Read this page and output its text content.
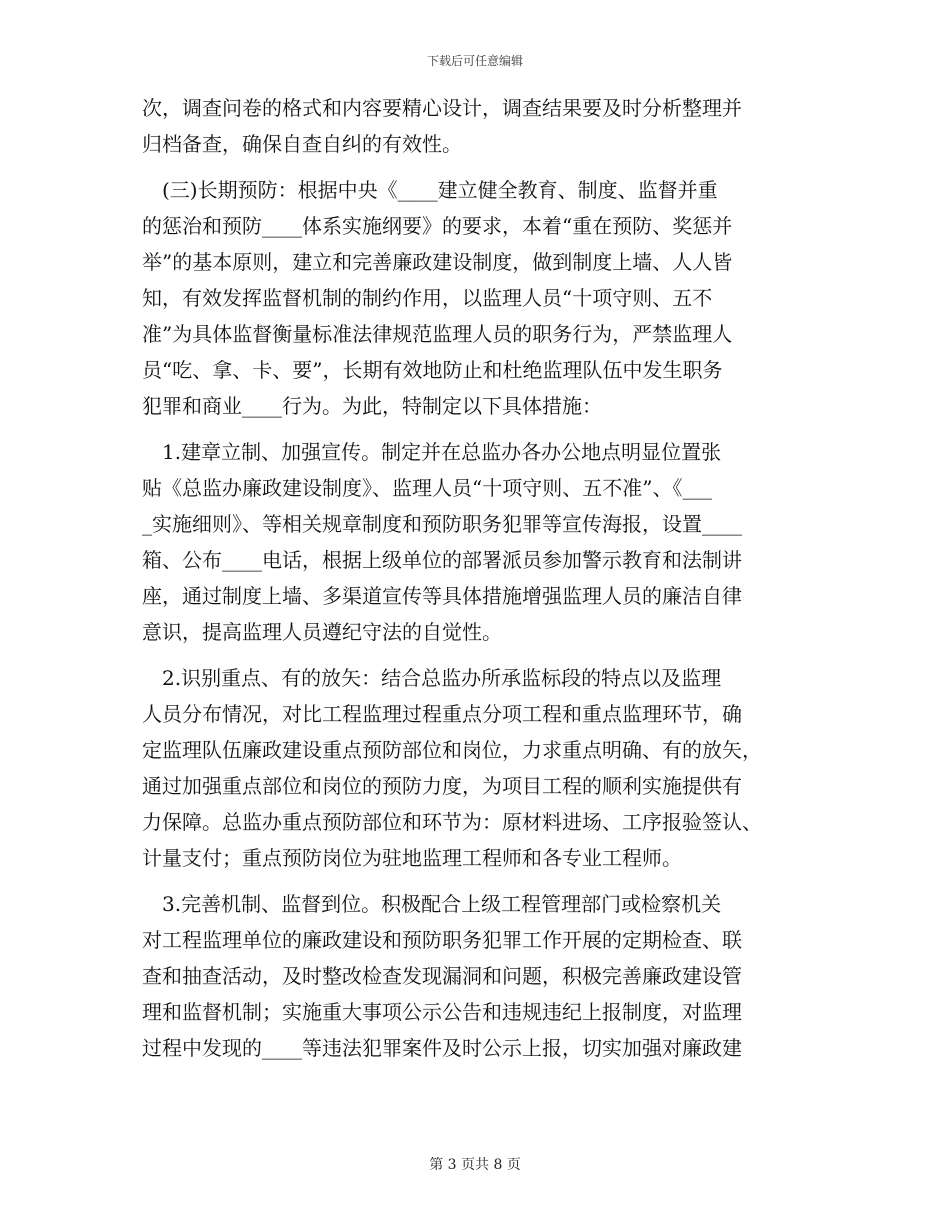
下载后可任意编辑
次，调查问卷的格式和内容要精心设计，调查结果要及时分析整理并
归档备查，确保自查自纠的有效性。
　(三)长期预防：根据中央《____建立健全教育、制度、监督并重
的惩治和预防____体系实施纲要》的要求，本着“重在预防、奖惩并
举”的基本原则，建立和完善廉政建设制度，做到制度上墙、人人皆
知，有效发挥监督机制的制约作用，以监理人员“十项守则、五不
准”为具体监督衡量标准法律规范监理人员的职务行为，严禁监理人
员“吃、拿、卡、要”，长期有效地防止和杜绝监理队伍中发生职务
犯罪和商业____行为。为此，特制定以下具体措施：
　1.建章立制、加强宣传。制定并在总监办各办公地点明显位置张
贴《总监办廉政建设制度》、监理人员“十项守则、五不准”、《___
_实施细则》、等相关规章制度和预防职务犯罪等宣传海报，设置____
箱、公布____电话，根据上级单位的部署派员参加警示教育和法制讲
座，通过制度上墙、多渠道宣传等具体措施增强监理人员的廉洁自律
意识，提高监理人员遵纪守法的自觉性。
　2.识别重点、有的放矢：结合总监办所承监标段的特点以及监理
人员分布情况，对比工程监理过程重点分项工程和重点监理环节，确
定监理队伍廉政建设重点预防部位和岗位，力求重点明确、有的放矢，
通过加强重点部位和岗位的预防力度，为项目工程的顺利实施提供有
力保障。总监办重点预防部位和环节为：原材料进场、工序报验签认、
计量支付；重点预防岗位为驻地监理工程师和各专业工程师。
　3.完善机制、监督到位。积极配合上级工程管理部门或检察机关
对工程监理单位的廉政建设和预防职务犯罪工作开展的定期检查、联
查和抽查活动，及时整改检查发现漏洞和问题，积极完善廉政建设管
理和监督机制；实施重大事项公示公告和违规违纪上报制度，对监理
过程中发现的____等违法犯罪案件及时公示上报，切实加强对廉政建
第 3 页共 8 页
